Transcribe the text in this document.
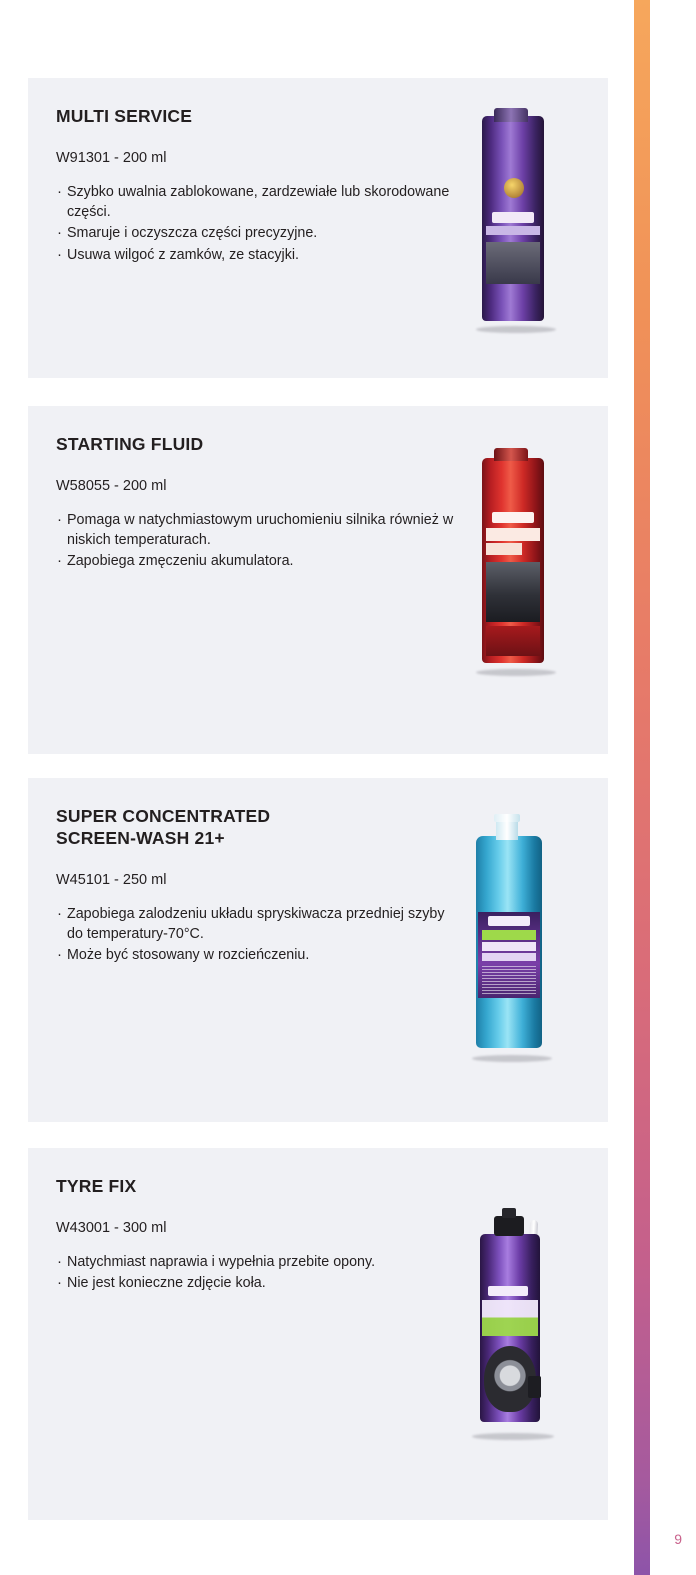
MULTI SERVICE
W91301 - 200 ml
· Szybko uwalnia zablokowane, zardzewiałe lub skorodowane części.
· Smaruje i oczyszcza części precyzyjne.
· Usuwa wilgoć z zamków, ze stacyjki.
STARTING FLUID
W58055 - 200 ml
· Pomaga w natychmiastowym uruchomieniu silnika również w niskich temperaturach.
· Zapobiega zmęczeniu akumulatora.
SUPER CONCENTRATED
SCREEN-WASH 21+
W45101 - 250 ml
· Zapobiega zalodzeniu układu spryskiwacza przedniej szyby do temperatury-70°C.
· Może być stosowany w rozcieńczeniu.
TYRE FIX
W43001 - 300 ml
· Natychmiast naprawia i wypełnia przebite opony.
· Nie jest konieczne zdjęcie koła.
9
